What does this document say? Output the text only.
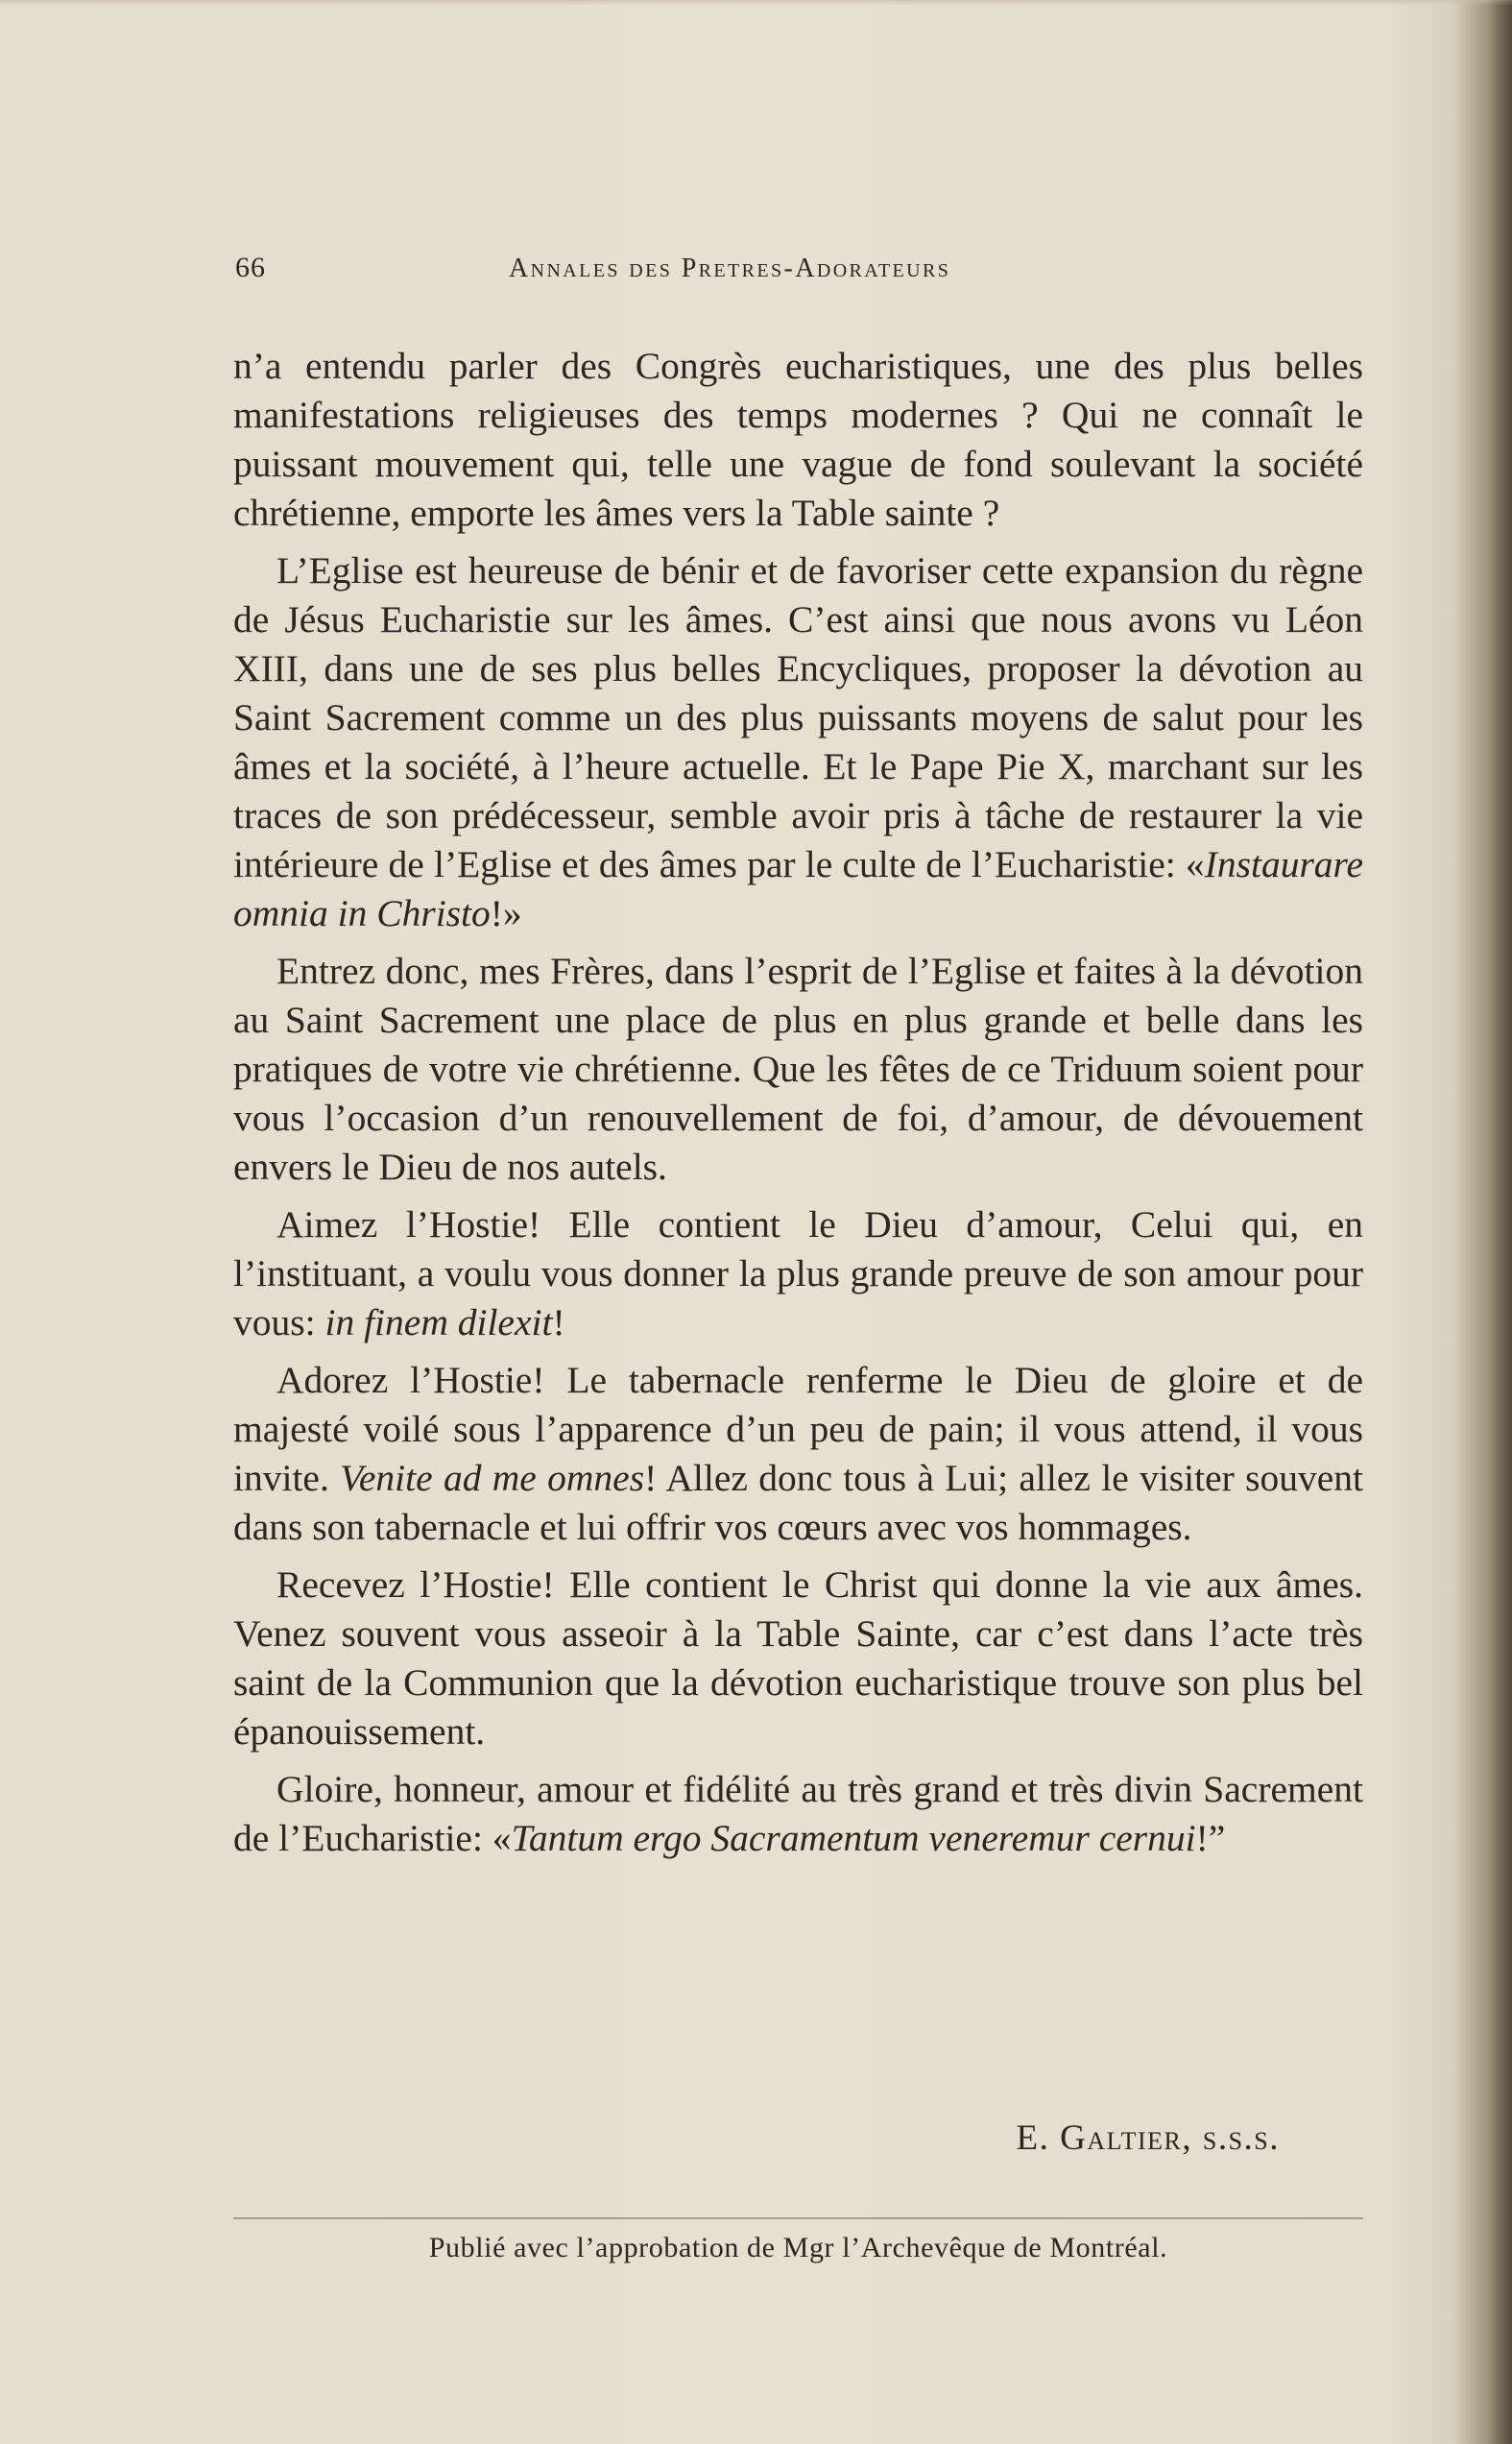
66	Annales des Pretres-Adorateurs

n’a entendu parler des Congrès eucharistiques, une des plus belles manifestations religieuses des temps modernes ? Qui ne connaît le puissant mouvement qui, telle une vague de fond soulevant la société chrétienne, emporte les âmes vers la Table sainte ?

L’Eglise est heureuse de bénir et de favoriser cette expansion du règne de Jésus Eucharistie sur les âmes. C’est ainsi que nous avons vu Léon XIII, dans une de ses plus belles Encycliques, proposer la dévotion au Saint Sacrement comme un des plus puissants moyens de salut pour les âmes et la société, à l’heure actuelle. Et le Pape Pie X, marchant sur les traces de son prédécesseur, semble avoir pris à tâche de restaurer la vie intérieure de l’Eglise et des âmes par le culte de l’Eucharistie: «Instaurare omnia in Christo!»

Entrez donc, mes Frères, dans l’esprit de l’Eglise et faites à la dévotion au Saint Sacrement une place de plus en plus grande et belle dans les pratiques de votre vie chrétienne. Que les fêtes de ce Triduum soient pour vous l’occasion d’un renouvellement de foi, d’amour, de dévouement envers le Dieu de nos autels.

Aimez l’Hostie! Elle contient le Dieu d’amour, Celui qui, en l’instituant, a voulu vous donner la plus grande preuve de son amour pour vous: in finem dilexit!

Adorez l’Hostie! Le tabernacle renferme le Dieu de gloire et de majesté voilé sous l’apparence d’un peu de pain; il vous attend, il vous invite. Venite ad me omnes! Allez donc tous à Lui; allez le visiter souvent dans son tabernacle et lui offrir vos cœurs avec vos hommages.

Recevez l’Hostie! Elle contient le Christ qui donne la vie aux âmes. Venez souvent vous asseoir à la Table Sainte, car c’est dans l’acte très saint de la Communion que la dévotion eucharistique trouve son plus bel épanouissement.

Gloire, honneur, amour et fidélité au très grand et très divin Sacrement de l’Eucharistie: «Tantum ergo Sacramentum veneremur cernui!”

E. Galtier, s.s.s.
Publié avec l’approbation de Mgr l’Archevêque de Montréal.
